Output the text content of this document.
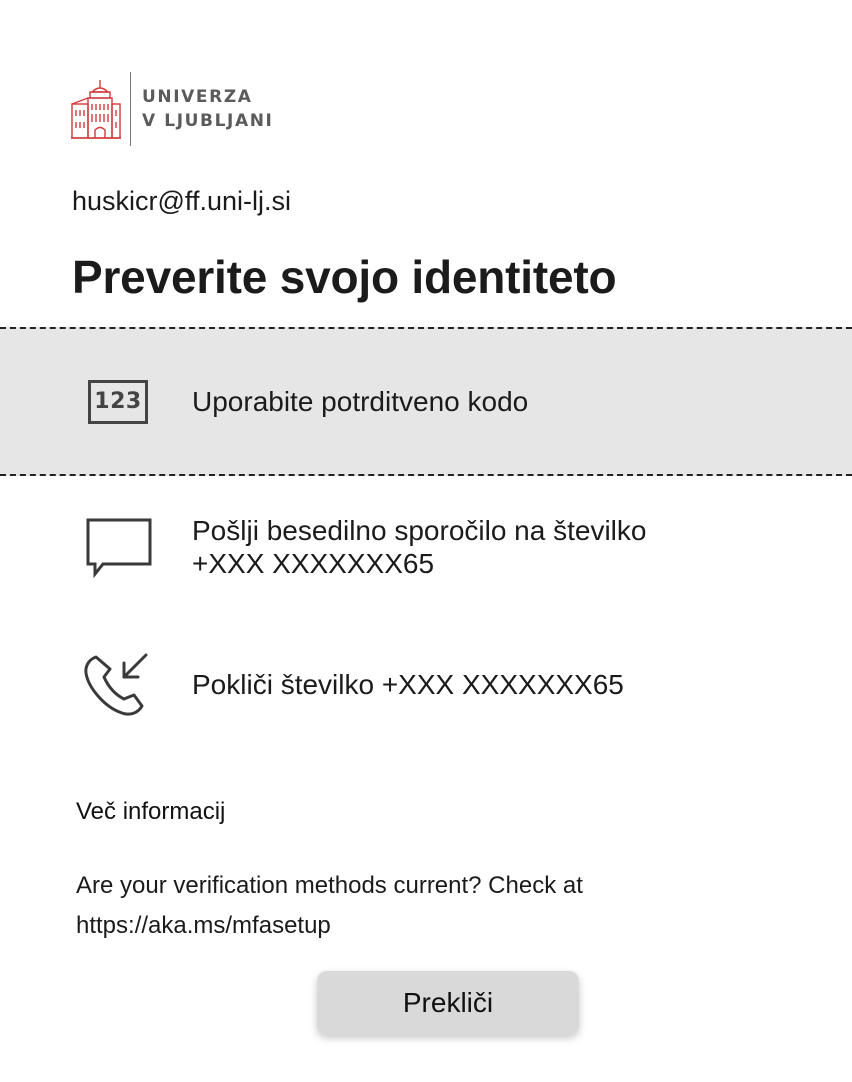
UNIVERZA
V LJUBLJANI
huskicr@ff.uni-lj.si
Preverite svojo identiteto
123 Uporabite potrditveno kodo
Pošlji besedilno sporočilo na številko
+XXX XXXXXXX65
Pokliči številko +XXX XXXXXXX65
Več informacij
Are your verification methods current? Check at
https://aka.ms/mfasetup
Prekliči
